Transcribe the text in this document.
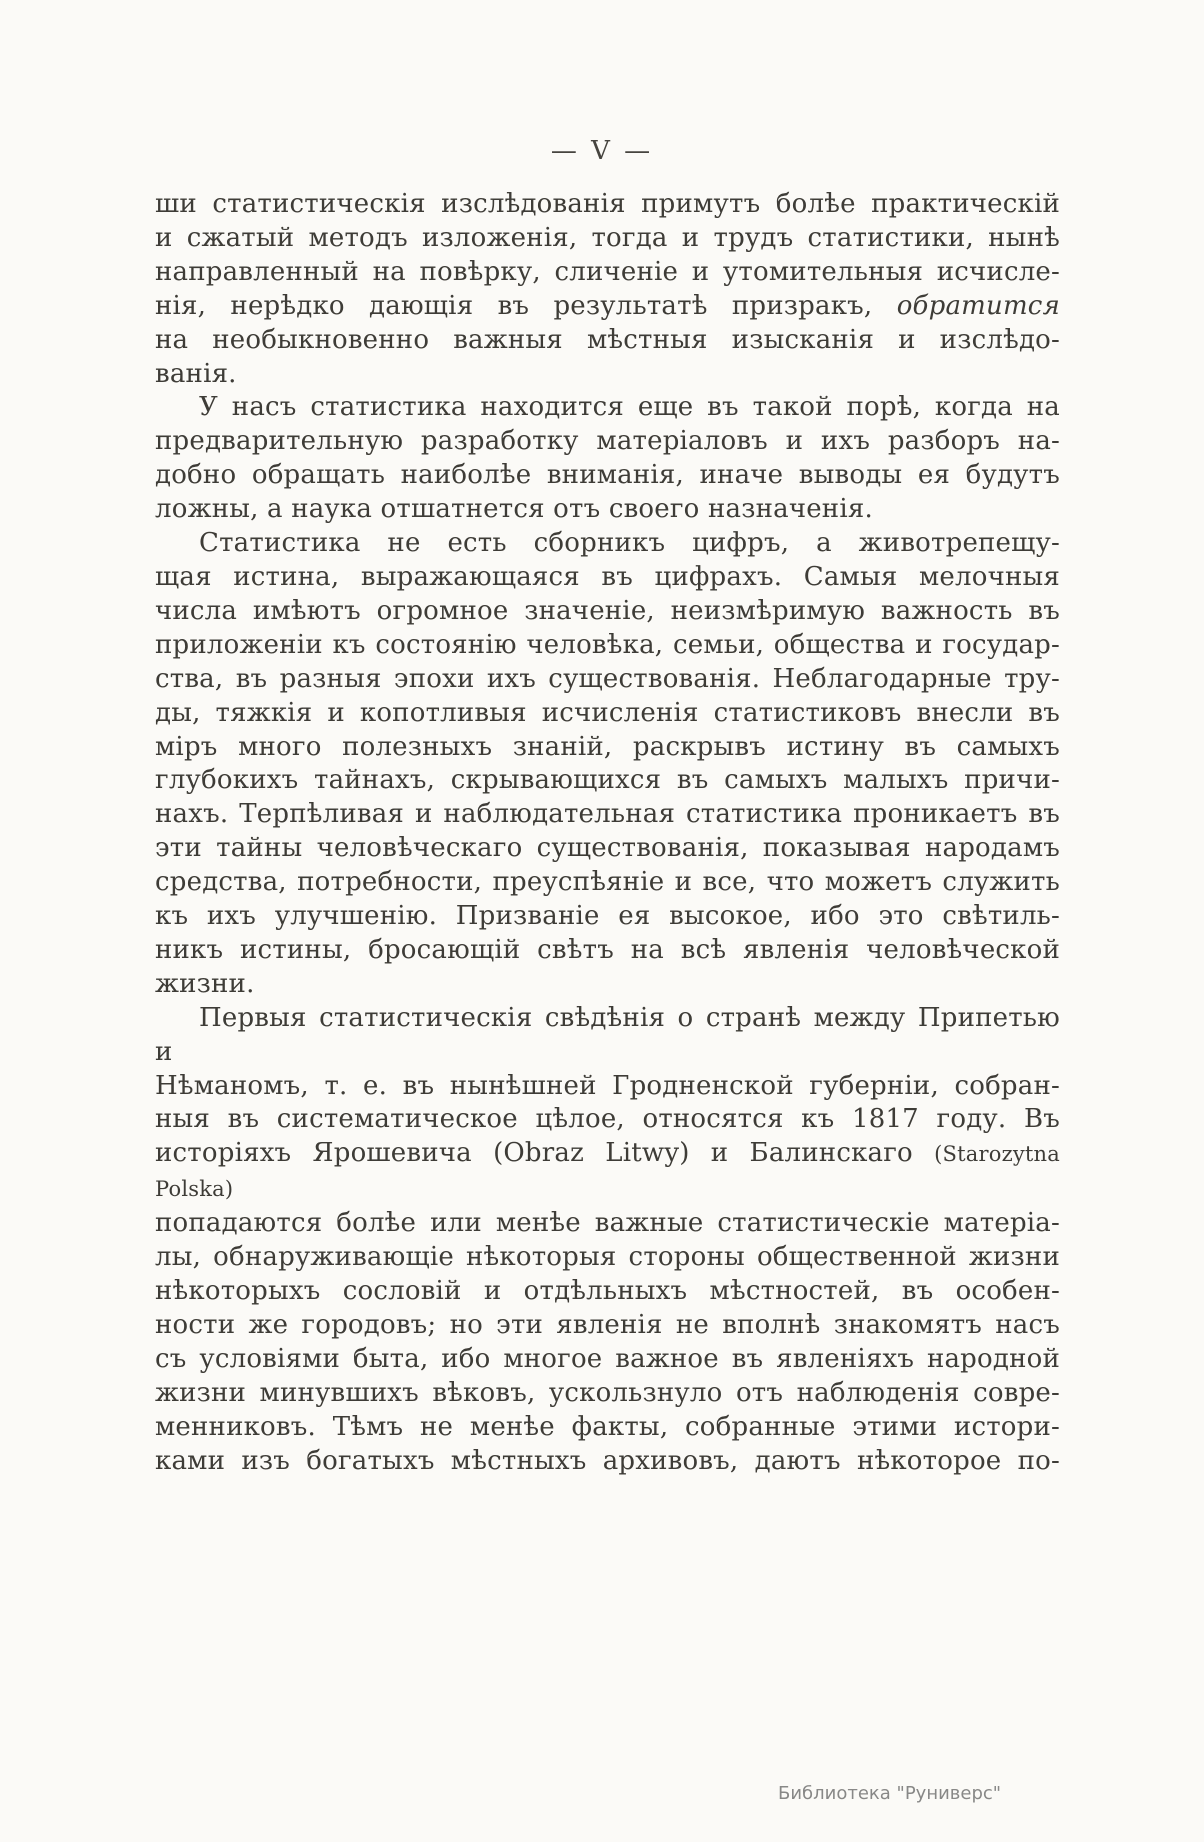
— V —
ши статистическія изслѣдованія примутъ болѣе практическій
и сжатый методъ изложенія, тогда и трудъ статистики, нынѣ
направленный на повѣрку, сличеніе и утомительныя исчисле-
нія, нерѣдко дающія въ результатѣ призракъ, обратится
на необыкновенно важныя мѣстныя изысканія и изслѣдо-
ванія.
У насъ статистика находится еще въ такой порѣ, когда на
предварительную разработку матеріаловъ и ихъ разборъ на-
добно обращать наиболѣе вниманія, иначе выводы ея будутъ
ложны, а наука отшатнется отъ своего назначенія.
Статистика не есть сборникъ цифръ, а животрепещу-
щая истина, выражающаяся въ цифрахъ. Самыя мелочныя
числа имѣютъ огромное значеніе, неизмѣримую важность въ
приложеніи къ состоянію человѣка, семьи, общества и государ-
ства, въ разныя эпохи ихъ существованія. Неблагодарные тру-
ды, тяжкія и копотливыя исчисленія статистиковъ внесли въ
міръ много полезныхъ знаній, раскрывъ истину въ самыхъ
глубокихъ тайнахъ, скрывающихся въ самыхъ малыхъ причи-
нахъ. Терпѣливая и наблюдательная статистика проникаетъ въ
эти тайны человѣческаго существованія, показывая народамъ
средства, потребности, преуспѣяніе и все, что можетъ служить
къ ихъ улучшенію. Призваніе ея высокое, ибо это свѣтиль-
никъ истины, бросающій свѣтъ на всѣ явленія человѣческой
жизни.
Первыя статистическія свѣдѣнія о странѣ между Припетью и
Нѣманомъ, т. е. въ нынѣшней Гродненской губерніи, собран-
ныя въ систематическое цѣлое, относятся къ 1817 году. Въ
исторіяхъ Ярошевича (Obraz Litwy) и Балинскаго (Starozytna Polska)
попадаются болѣе или менѣе важные статистическіе матеріа-
лы, обнаруживающіе нѣкоторыя стороны общественной жизни
нѣкоторыхъ сословій и отдѣльныхъ мѣстностей, въ особен-
ности же городовъ; но эти явленія не вполнѣ знакомятъ насъ
съ условіями быта, ибо многое важное въ явленіяхъ народной
жизни минувшихъ вѣковъ, ускользнуло отъ наблюденія совре-
менниковъ. Тѣмъ не менѣе факты, собранные этими истори-
ками изъ богатыхъ мѣстныхъ архивовъ, даютъ нѣкоторое по-
Библиотека "Руниверс"
